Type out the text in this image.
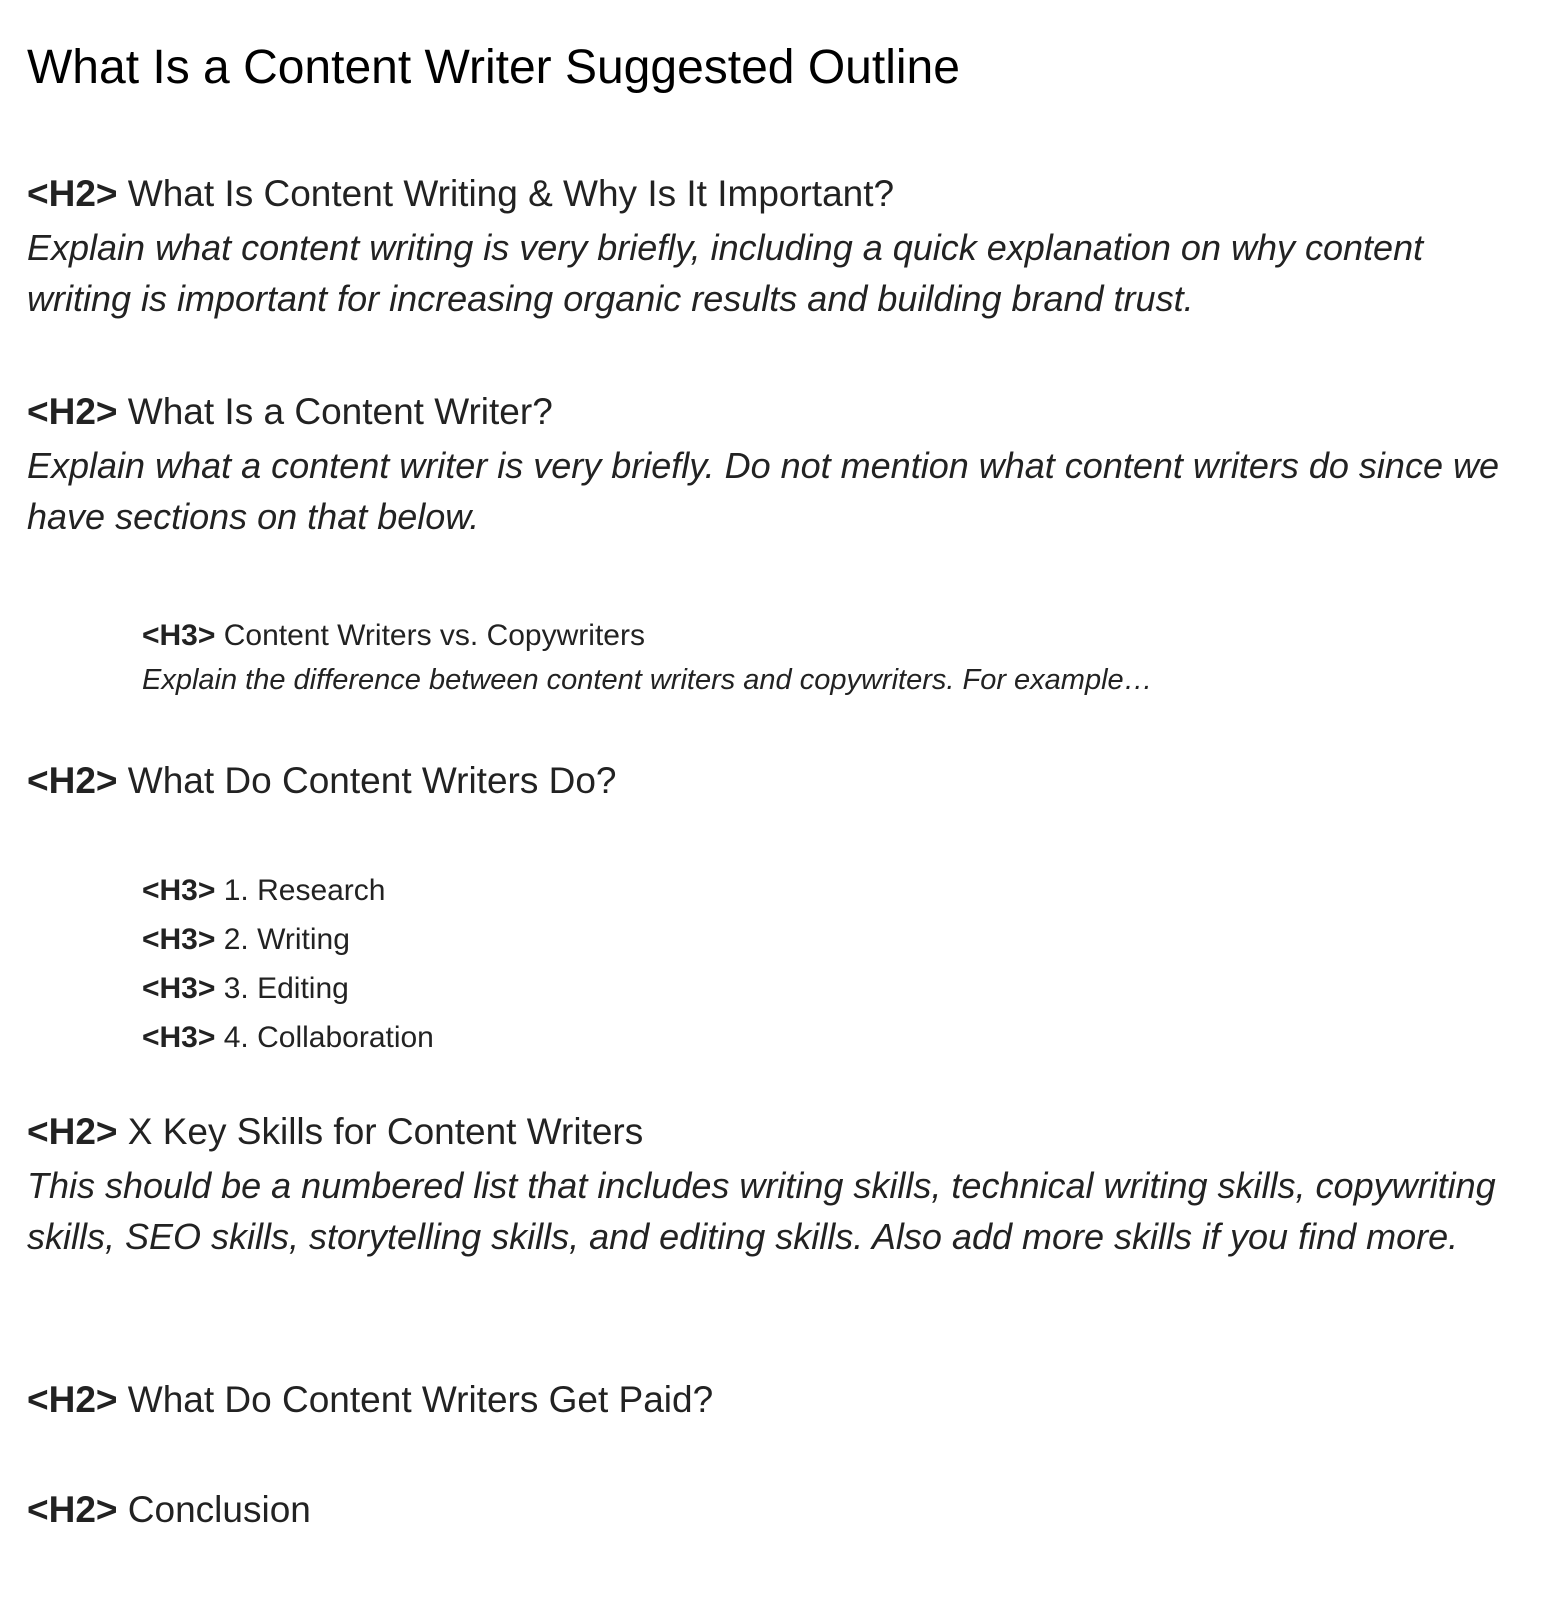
What Is a Content Writer Suggested Outline

<H2> What Is Content Writing & Why Is It Important?

Explain what content writing is very briefly, including a quick explanation on why content writing is important for increasing organic results and building brand trust.

<H2> What Is a Content Writer?

Explain what a content writer is very briefly. Do not mention what content writers do since we have sections on that below.

<H3> Content Writers vs. Copywriters

Explain the difference between content writers and copywriters. For example…

<H2> What Do Content Writers Do?

<H3> 1. Research

<H3> 2. Writing

<H3> 3. Editing

<H3> 4. Collaboration

<H2> X Key Skills for Content Writers

This should be a numbered list that includes writing skills, technical writing skills, copywriting skills, SEO skills, storytelling skills, and editing skills. Also add more skills if you find more.

<H2> What Do Content Writers Get Paid?

<H2> Conclusion
